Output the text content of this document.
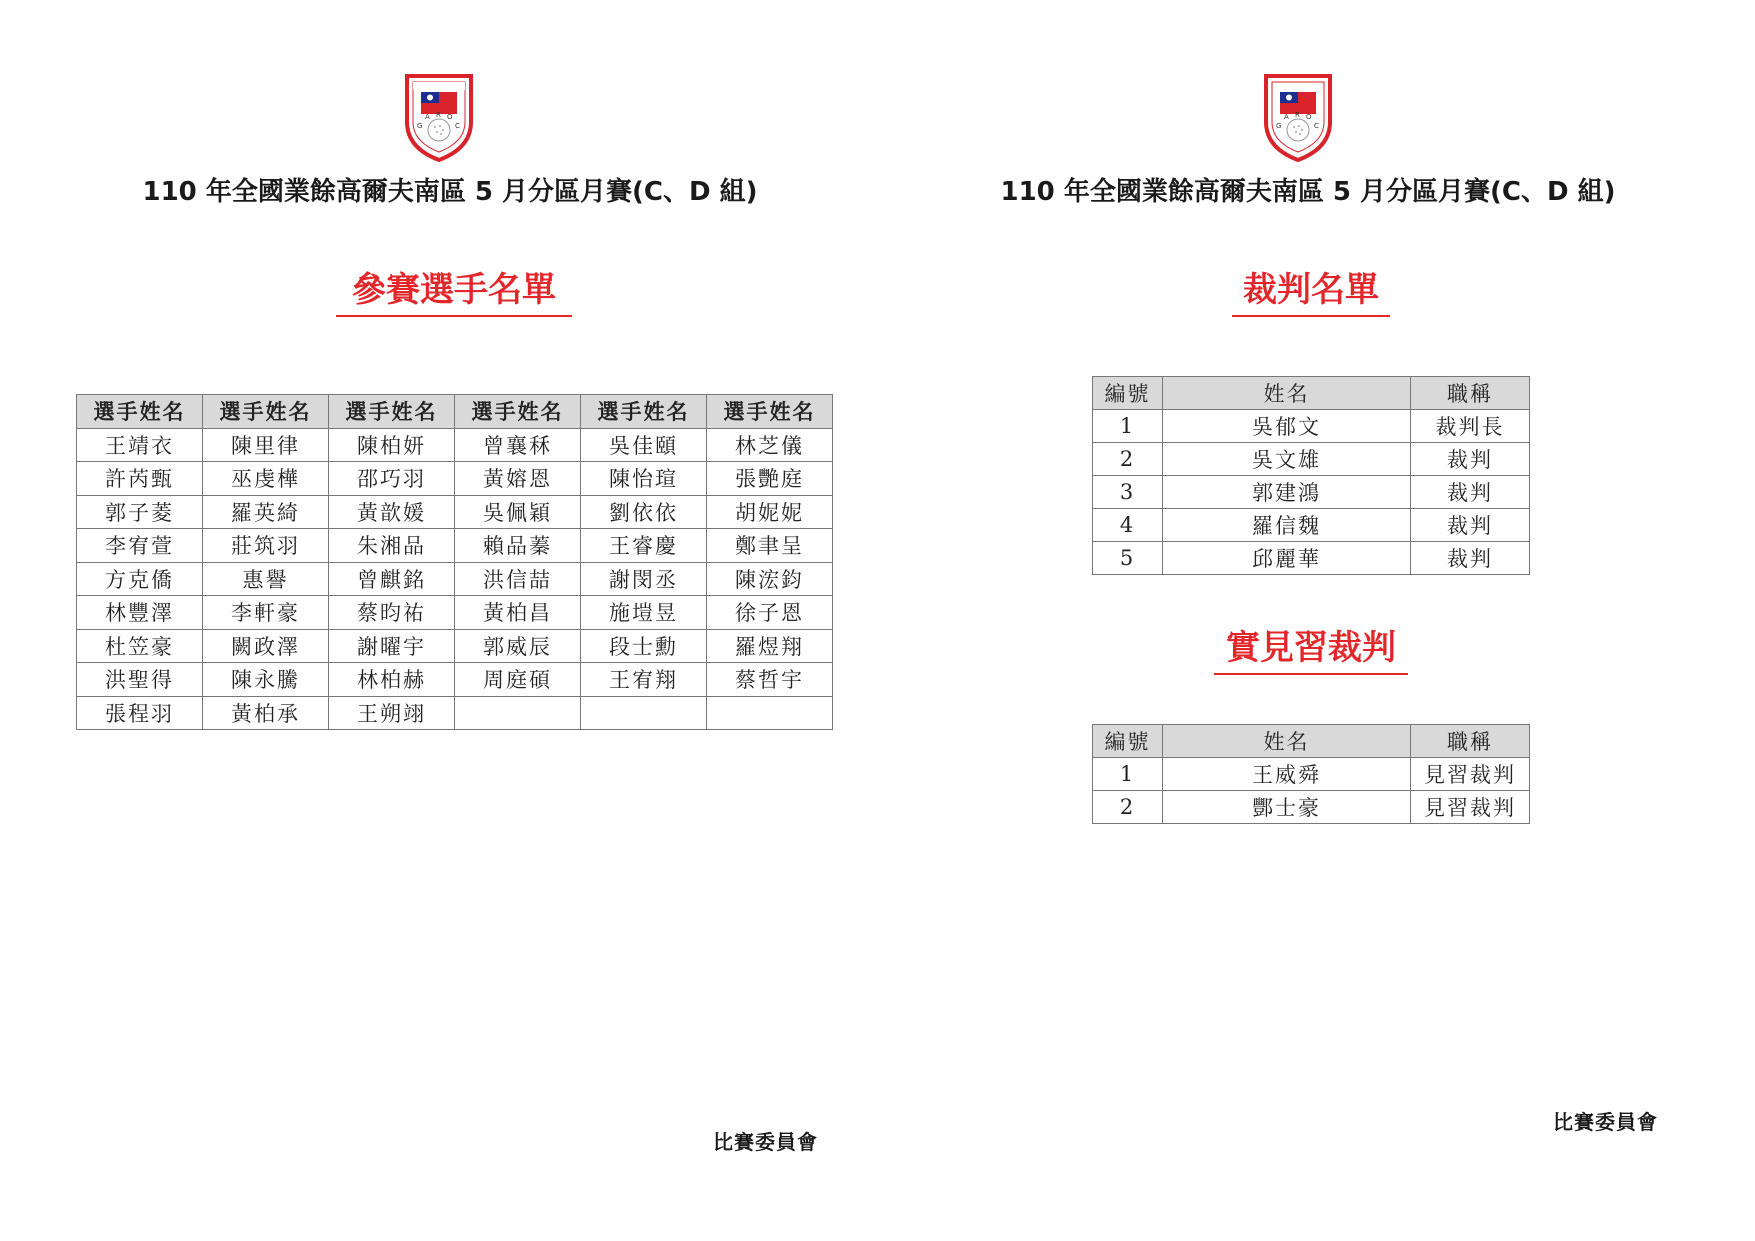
G
A R O
C
110 年全國業餘高爾夫南區 5 月分區月賽(C、D 組)
參賽選手名單
選手姓名	選手姓名	選手姓名	選手姓名	選手姓名	選手姓名
王靖衣	陳里律	陳柏妍	曾襄秝	吳佳頤	林芝儀
許芮甄	巫虔樺	邵巧羽	黃嫆恩	陳怡瑄	張艷庭
郭子菱	羅英綺	黃歆媛	吳佩穎	劉依依	胡妮妮
李宥萱	莊筑羽	朱湘品	賴品蓁	王睿慶	鄭聿呈
方克僑	惠譽	曾麒銘	洪信喆	謝閔丞	陳浤鈞
林豐澤	李軒豪	蔡昀祐	黃柏昌	施塏昱	徐子恩
杜笠豪	闕政澤	謝曜宇	郭威辰	段士勳	羅煜翔
洪聖得	陳永騰	林柏赫	周庭碩	王宥翔	蔡哲宇
張程羽	黃柏承	王朔翊			
比賽委員會
G
A R O
C
110 年全國業餘高爾夫南區 5 月分區月賽(C、D 組)
裁判名單
編號	姓名	職稱
1	吳郁文	裁判長
2	吳文雄	裁判
3	郭建鴻	裁判
4	羅信魏	裁判
5	邱麗華	裁判
實見習裁判
編號	姓名	職稱
1	王威舜	見習裁判
2	酆士豪	見習裁判
比賽委員會
